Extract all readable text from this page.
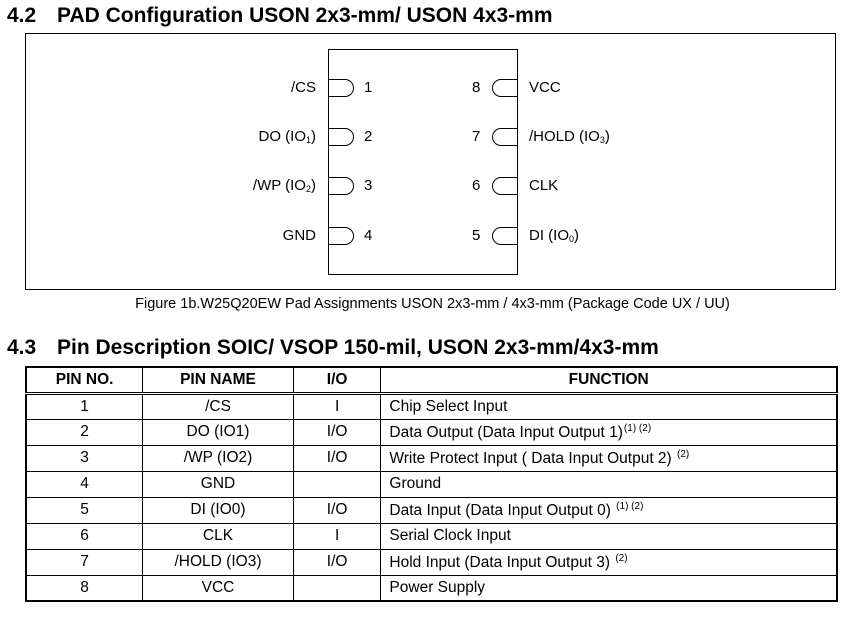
4.2 PAD Configuration USON 2x3-mm/ USON 4x3-mm
1
/CS
2
DO $(IO_1)$
3
/WP $(IO_2)$
4
GND
8	VCC
7	/HOLD $(IO_3)$
6	CLK
5	DI $(IO_0)$
Figure 1b.W25Q20EW Pad Assignments USON 2x3-mm / 4x3-mm (Package Code UX / UU)
4.3 Pin Description SOIC/ VSOP 150-mil, USON 2x3-mm/4x3-mm
PIN NO.	PIN NAME	I/O	FUNCTION
1	/CS	I	Chip Select Input
2	DO (IO1)	I/O	Data Output (Data Input Output 1)$^{(1) (2)}$
3	/WP (IO2)	I/O	Write Protect Input ( Data Input Output 2) $^{(2)}$
4	GND		Ground
5	DI (IO0)	I/O	Data Input (Data Input Output 0) $^{(1) (2)}$
6	CLK	I	Serial Clock Input
7	/HOLD (IO3)	I/O	Hold Input (Data Input Output 3) $^{(2)}$
8	VCC		Power Supply
